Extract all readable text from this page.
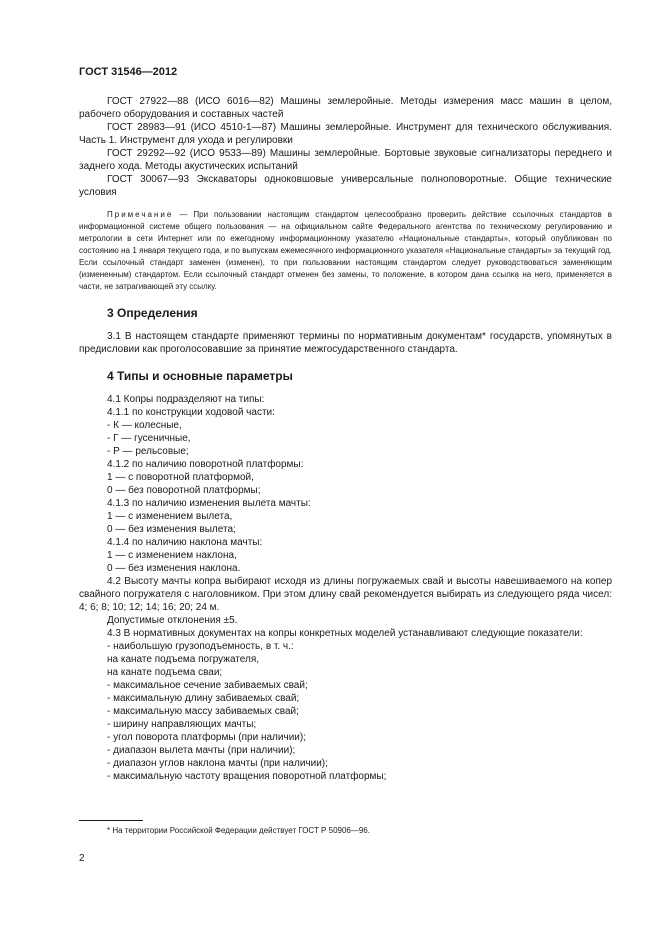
ГОСТ 31546—2012

ГОСТ 27922—88 (ИСО 6016—82) Машины землеройные. Методы измерения масс машин в целом, рабочего оборудования и составных частей

ГОСТ 28983—91 (ИСО 4510-1—87) Машины землеройные. Инструмент для технического обслуживания. Часть 1. Инструмент для ухода и регулировки

ГОСТ 29292—92 (ИСО 9533—89) Машины землеройные. Бортовые звуковые сигнализаторы переднего и заднего хода. Методы акустических испытаний

ГОСТ 30067—93 Экскаваторы одноковшовые универсальные полноповоротные. Общие технические условия

Примечание — При пользовании настоящим стандартом целесообразно проверить действие ссылочных стандартов в информационной системе общего пользования — на официальном сайте Федерального агентства по техническому регулированию и метрологии в сети Интернет или по ежегодному информационному указателю «Национальные стандарты», который опубликован по состоянию на 1 января текущего года, и по выпускам ежемесячного информационного указателя «Национальные стандарты» за текущий год. Если ссылочный стандарт заменен (изменен), то при пользовании настоящим стандартом следует руководствоваться заменяющим (измененным) стандартом. Если ссылочный стандарт отменен без замены, то положение, в котором дана ссылка на него, применяется в части, не затрагивающей эту ссылку.

3 Определения

3.1 В настоящем стандарте применяют термины по нормативным документам* государств, упомянутых в предисловии как проголосовавшие за принятие межгосударственного стандарта.

4 Типы и основные параметры

4.1 Копры подразделяют на типы:

4.1.1 по конструкции ходовой части:

- К — колесные,

- Г — гусеничные,

- Р — рельсовые;

4.1.2 по наличию поворотной платформы:

1 — с поворотной платформой,

0 — без поворотной платформы;

4.1.3 по наличию изменения вылета мачты:

1 — с изменением вылета,

0 — без изменения вылета;

4.1.4 по наличию наклона мачты:

1 — с изменением наклона,

0 — без изменения наклона.

4.2 Высоту мачты копра выбирают исходя из длины погружаемых свай и высоты навешиваемого на копер свайного погружателя с наголовником. При этом длину свай рекомендуется выбирать из следующего ряда чисел: 4; 6; 8; 10; 12; 14; 16; 20; 24 м.

Допустимые отклонения ±5.

4.3 В нормативных документах на копры конкретных моделей устанавливают следующие показатели:

- наибольшую грузоподъемность, в т. ч.:

на канате подъема погружателя,

на канате подъема сваи;

- максимальное сечение забиваемых свай;

- максимальную длину забиваемых свай;

- максимальную массу забиваемых свай;

- ширину направляющих мачты;

- угол поворота платформы (при наличии);

- диапазон вылета мачты (при наличии);

- диапазон углов наклона мачты (при наличии);

- максимальную частоту вращения поворотной платформы;

* На территории Российской Федерации действует ГОСТ Р 50906—96.
2
